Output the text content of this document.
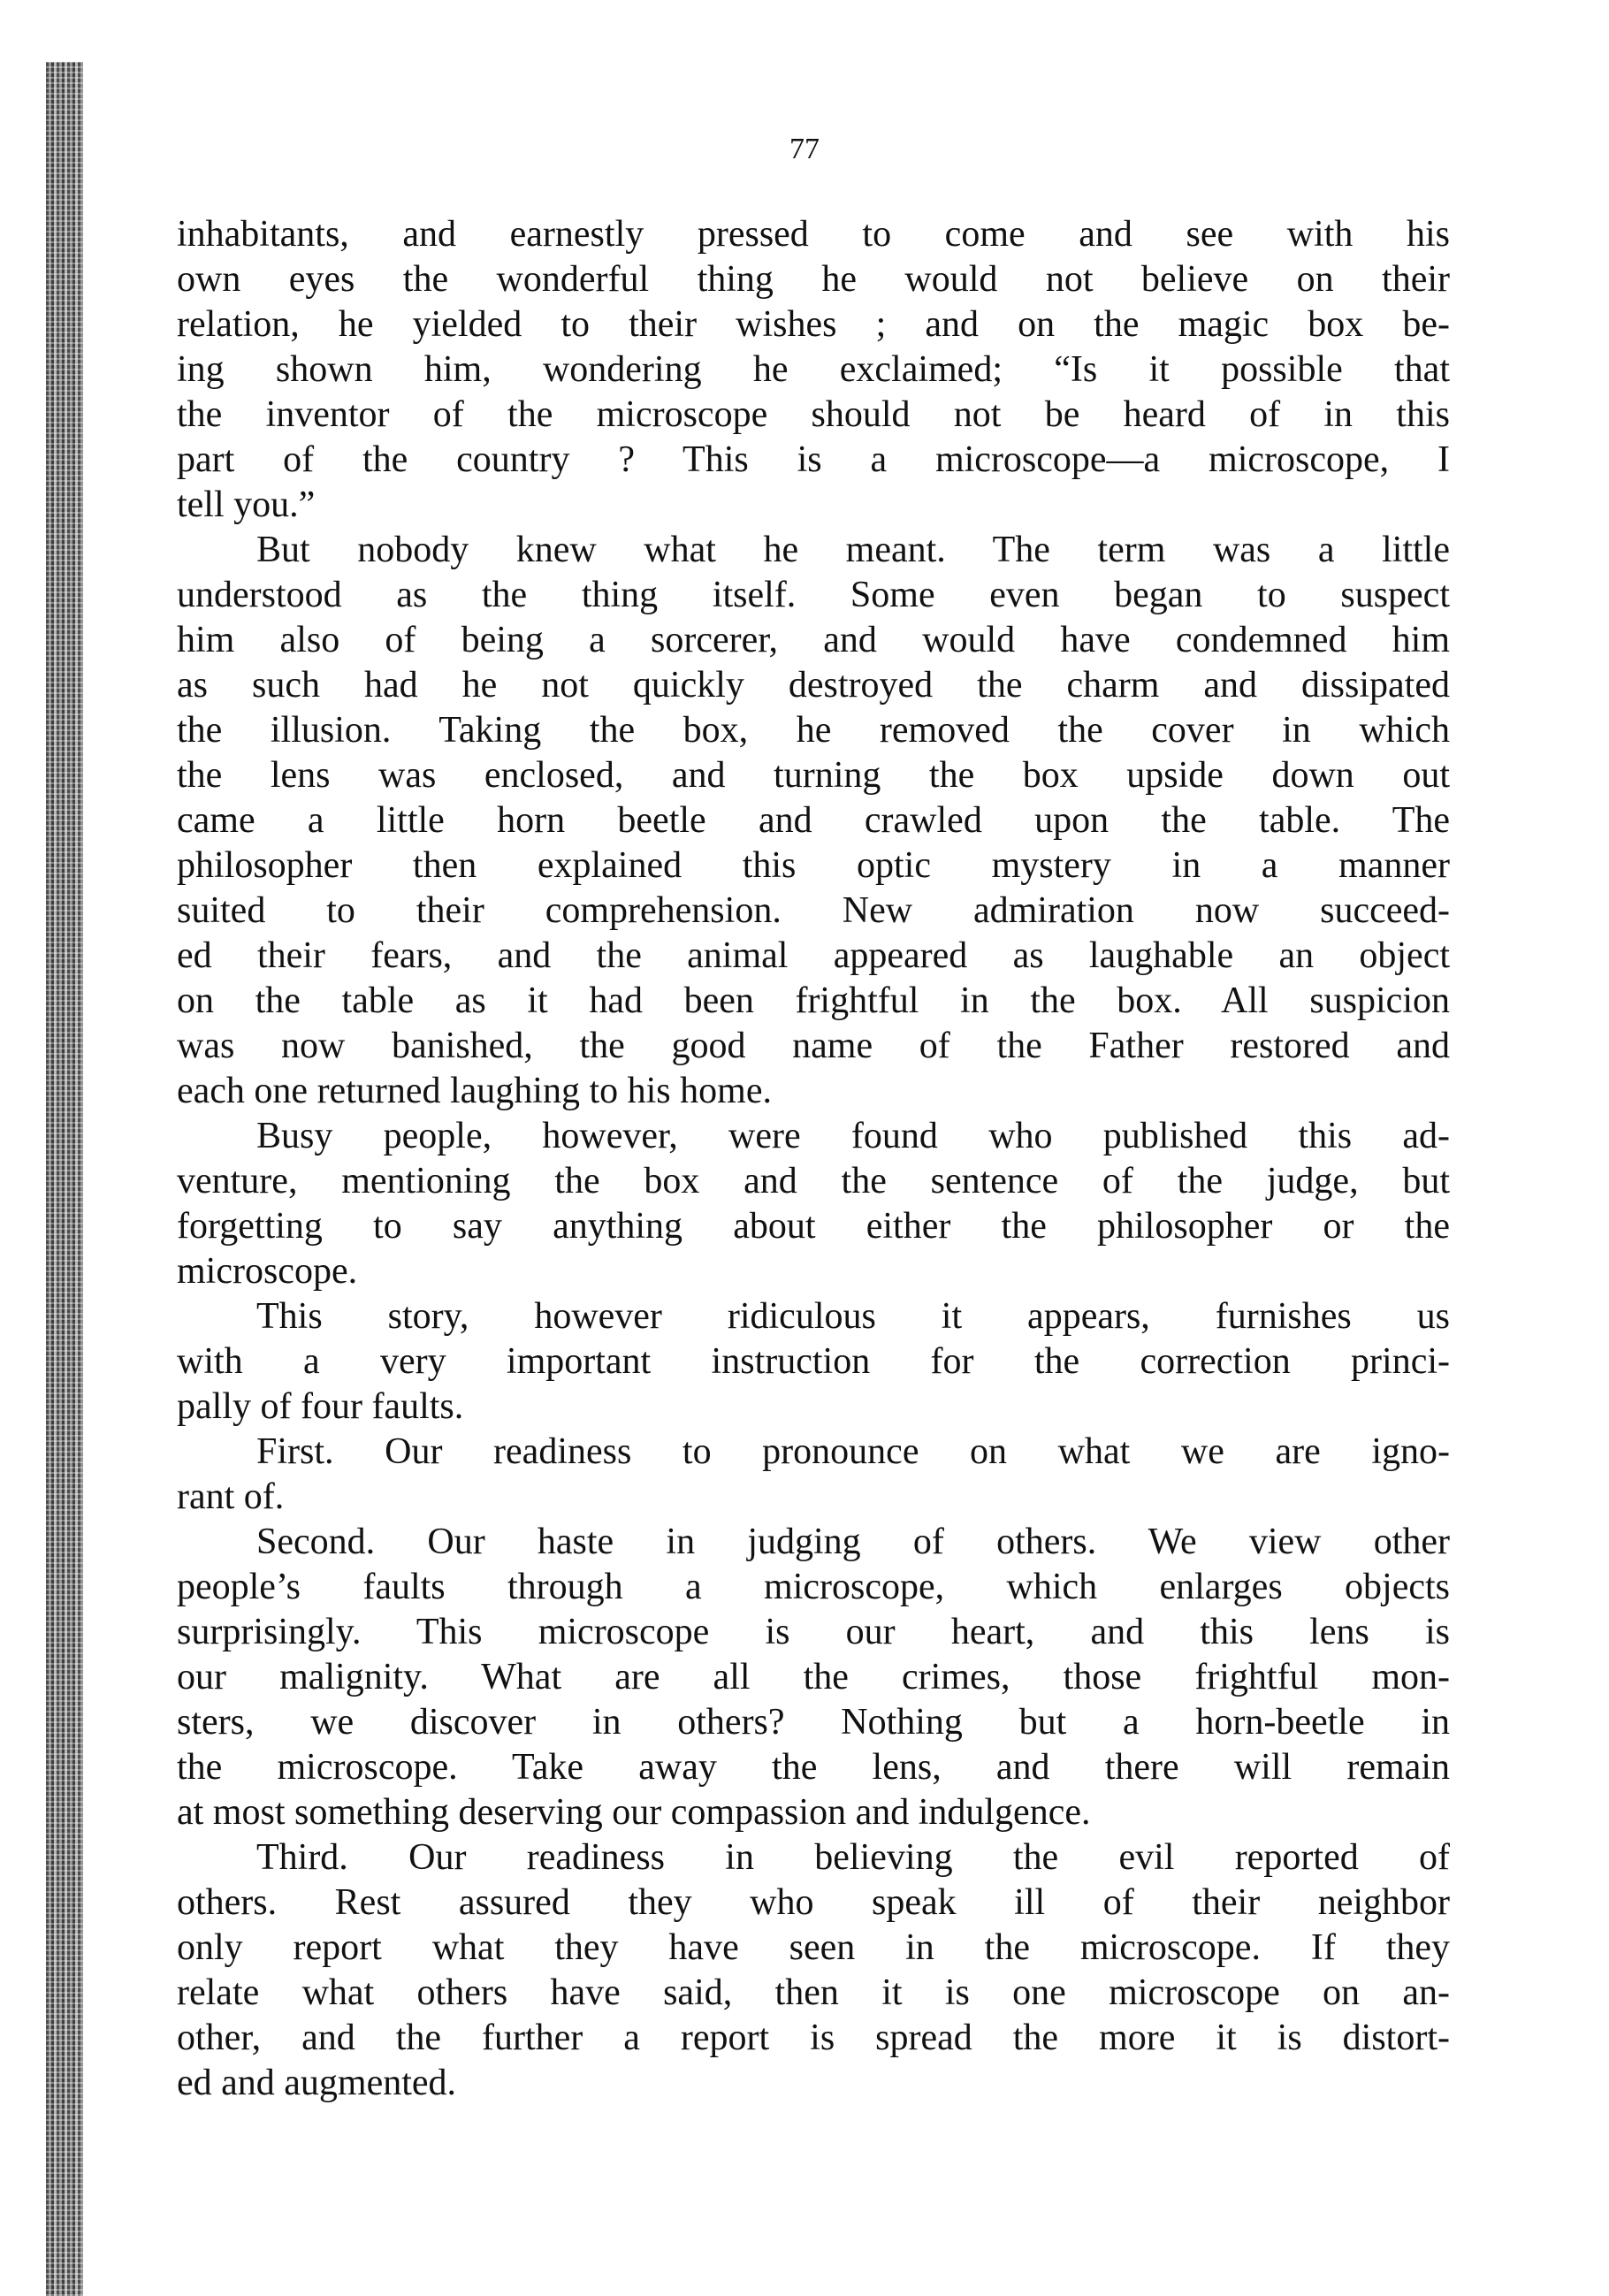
77
inhabitants, and earnestly pressed to come and see with his
own eyes the wonderful thing he would not believe on their
relation, he yielded to their wishes ; and on the magic box be-
ing shown him, wondering he exclaimed; “Is it possible that
the inventor of the microscope should not be heard of in this
part of the country ? This is a microscope—a microscope, I
tell you.”
But nobody knew what he meant. The term was a little
understood as the thing itself. Some even began to suspect
him also of being a sorcerer, and would have condemned him
as such had he not quickly destroyed the charm and dissipated
the illusion. Taking the box, he removed the cover in which
the lens was enclosed, and turning the box upside down out
came a little horn beetle and crawled upon the table. The
philosopher then explained this optic mystery in a manner
suited to their comprehension. New admiration now succeed-
ed their fears, and the animal appeared as laughable an object
on the table as it had been frightful in the box. All suspicion
was now banished, the good name of the Father restored and
each one returned laughing to his home.
Busy people, however, were found who published this ad-
venture, mentioning the box and the sentence of the judge, but
forgetting to say anything about either the philosopher or the
microscope.
This story, however ridiculous it appears, furnishes us
with a very important instruction for the correction princi-
pally of four faults.
First. Our readiness to pronounce on what we are igno-
rant of.
Second. Our haste in judging of others. We view other
people’s faults through a microscope, which enlarges objects
surprisingly. This microscope is our heart, and this lens is
our malignity. What are all the crimes, those frightful mon-
sters, we discover in others? Nothing but a horn-beetle in
the microscope. Take away the lens, and there will remain
at most something deserving our compassion and indulgence.
Third. Our readiness in believing the evil reported of
others. Rest assured they who speak ill of their neighbor
only report what they have seen in the microscope. If they
relate what others have said, then it is one microscope on an-
other, and the further a report is spread the more it is distort-
ed and augmented.
